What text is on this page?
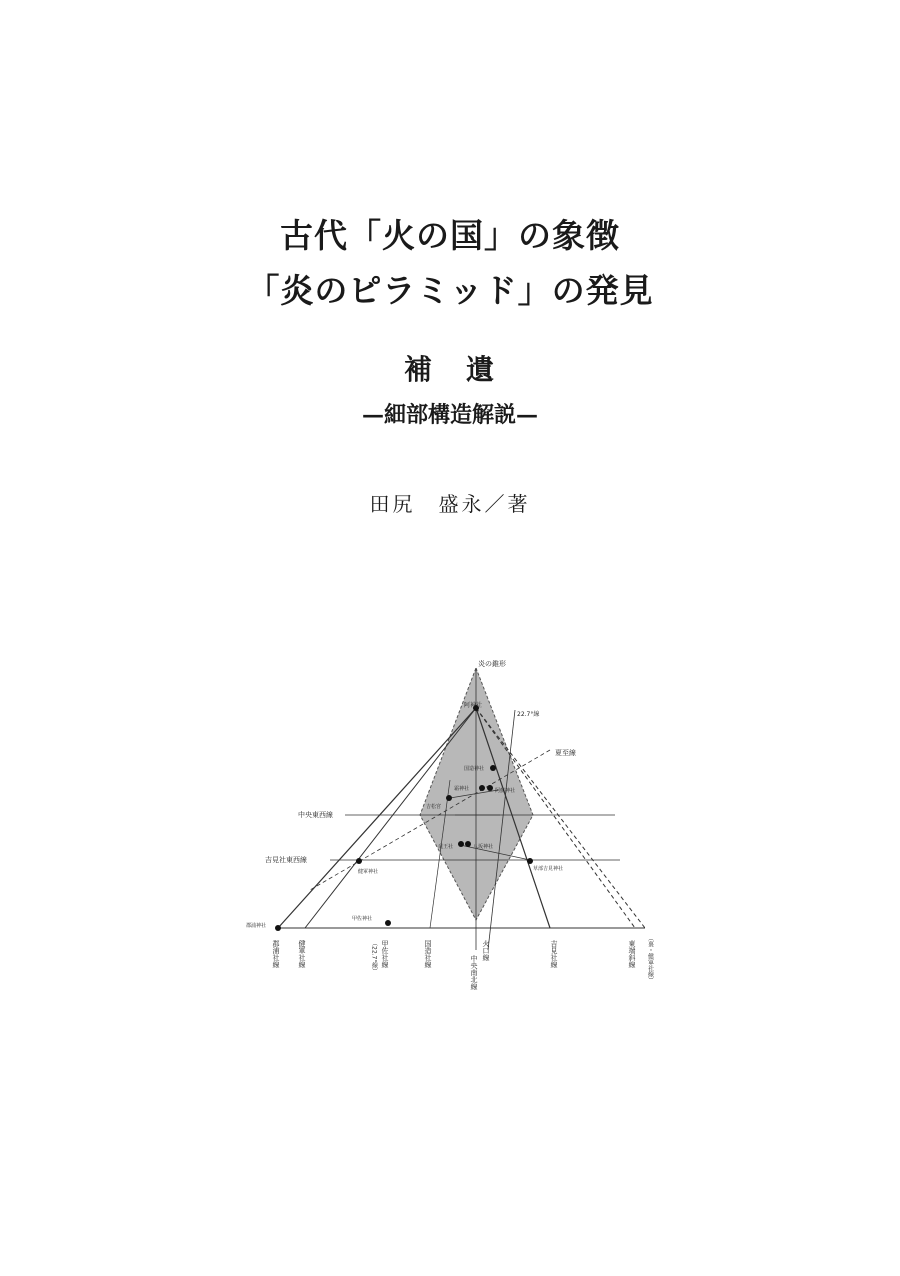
古代「火の国」の象徴
「炎のピラミッド」の発見
補 遺
—細部構造解説—
田尻　盛永／著
炎の錐形
阿神社
22.7°線
夏至線
国造神社
霜神社	阿蘇神社
吉松宮
中央東西線
吉見社東西線
健軍神社
竜王社	八坂神社
草部吉見神社
甲佐神社
郡浦神社
郡浦社線	健軍社線	甲佐社線
（22.7°線）	国造社線	火口線
中央南北線
吉見社線	東端斜線 （裏・健軍社線）
